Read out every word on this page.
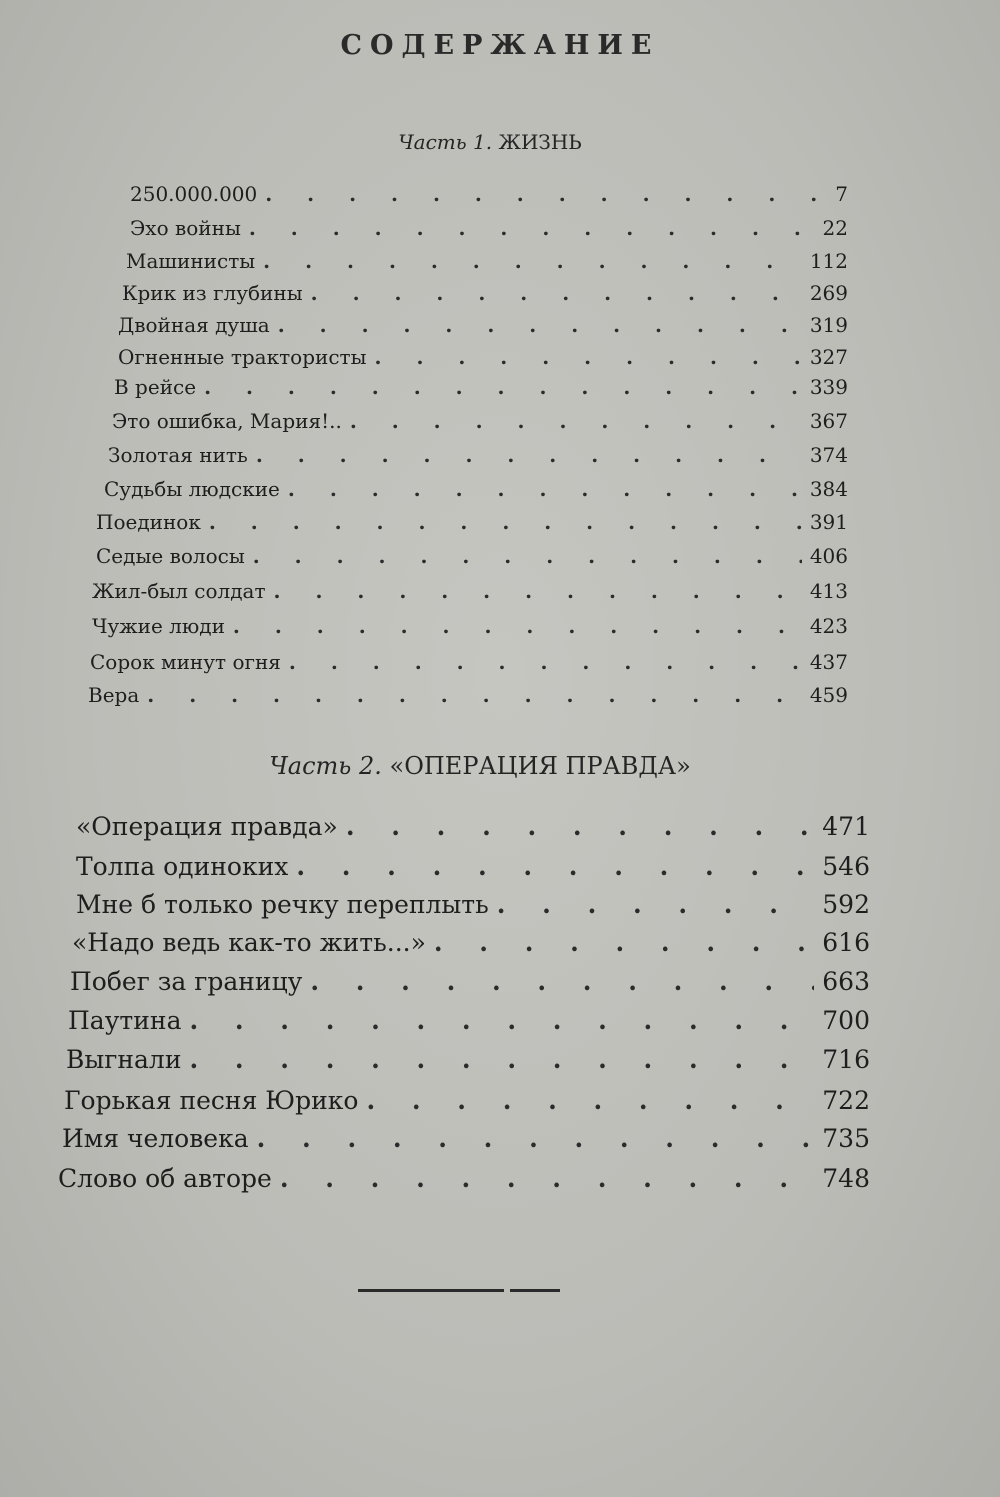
СОДЕРЖАНИЕ
Часть 1. ЖИЗНЬ
Часть 2. «ОПЕРАЦИЯ ПРАВДА»
250.000.000 . . .	7
Эхо войны . . .	22
Машинисты . . .	112
Крик из глубины . . .	269
Двойная душа . . .	319
Огненные трактористы . . .	327
В рейсе . . .	339
Это ошибка, Мария!.. . . .	367
Золотая нить . . .	374
Судьбы людские . . .	384
Поединок . . .	391
Седые волосы . . .	406
Жил-был солдат . . .	413
Чужие люди . . .	423
Сорок минут огня . . .	437
Вера . . .	459
«Операция правда» . . .	471
Толпа одиноких . . .	546
Мне б только речку переплыть . . .	592
«Надо ведь как-то жить...» . . .	616
Побег за границу . . .	663
Паутина . . .	700
Выгнали . . .	716
Горькая песня Юрико . . .	722
Имя человека . . .	735
Слово об авторе . . .	748
